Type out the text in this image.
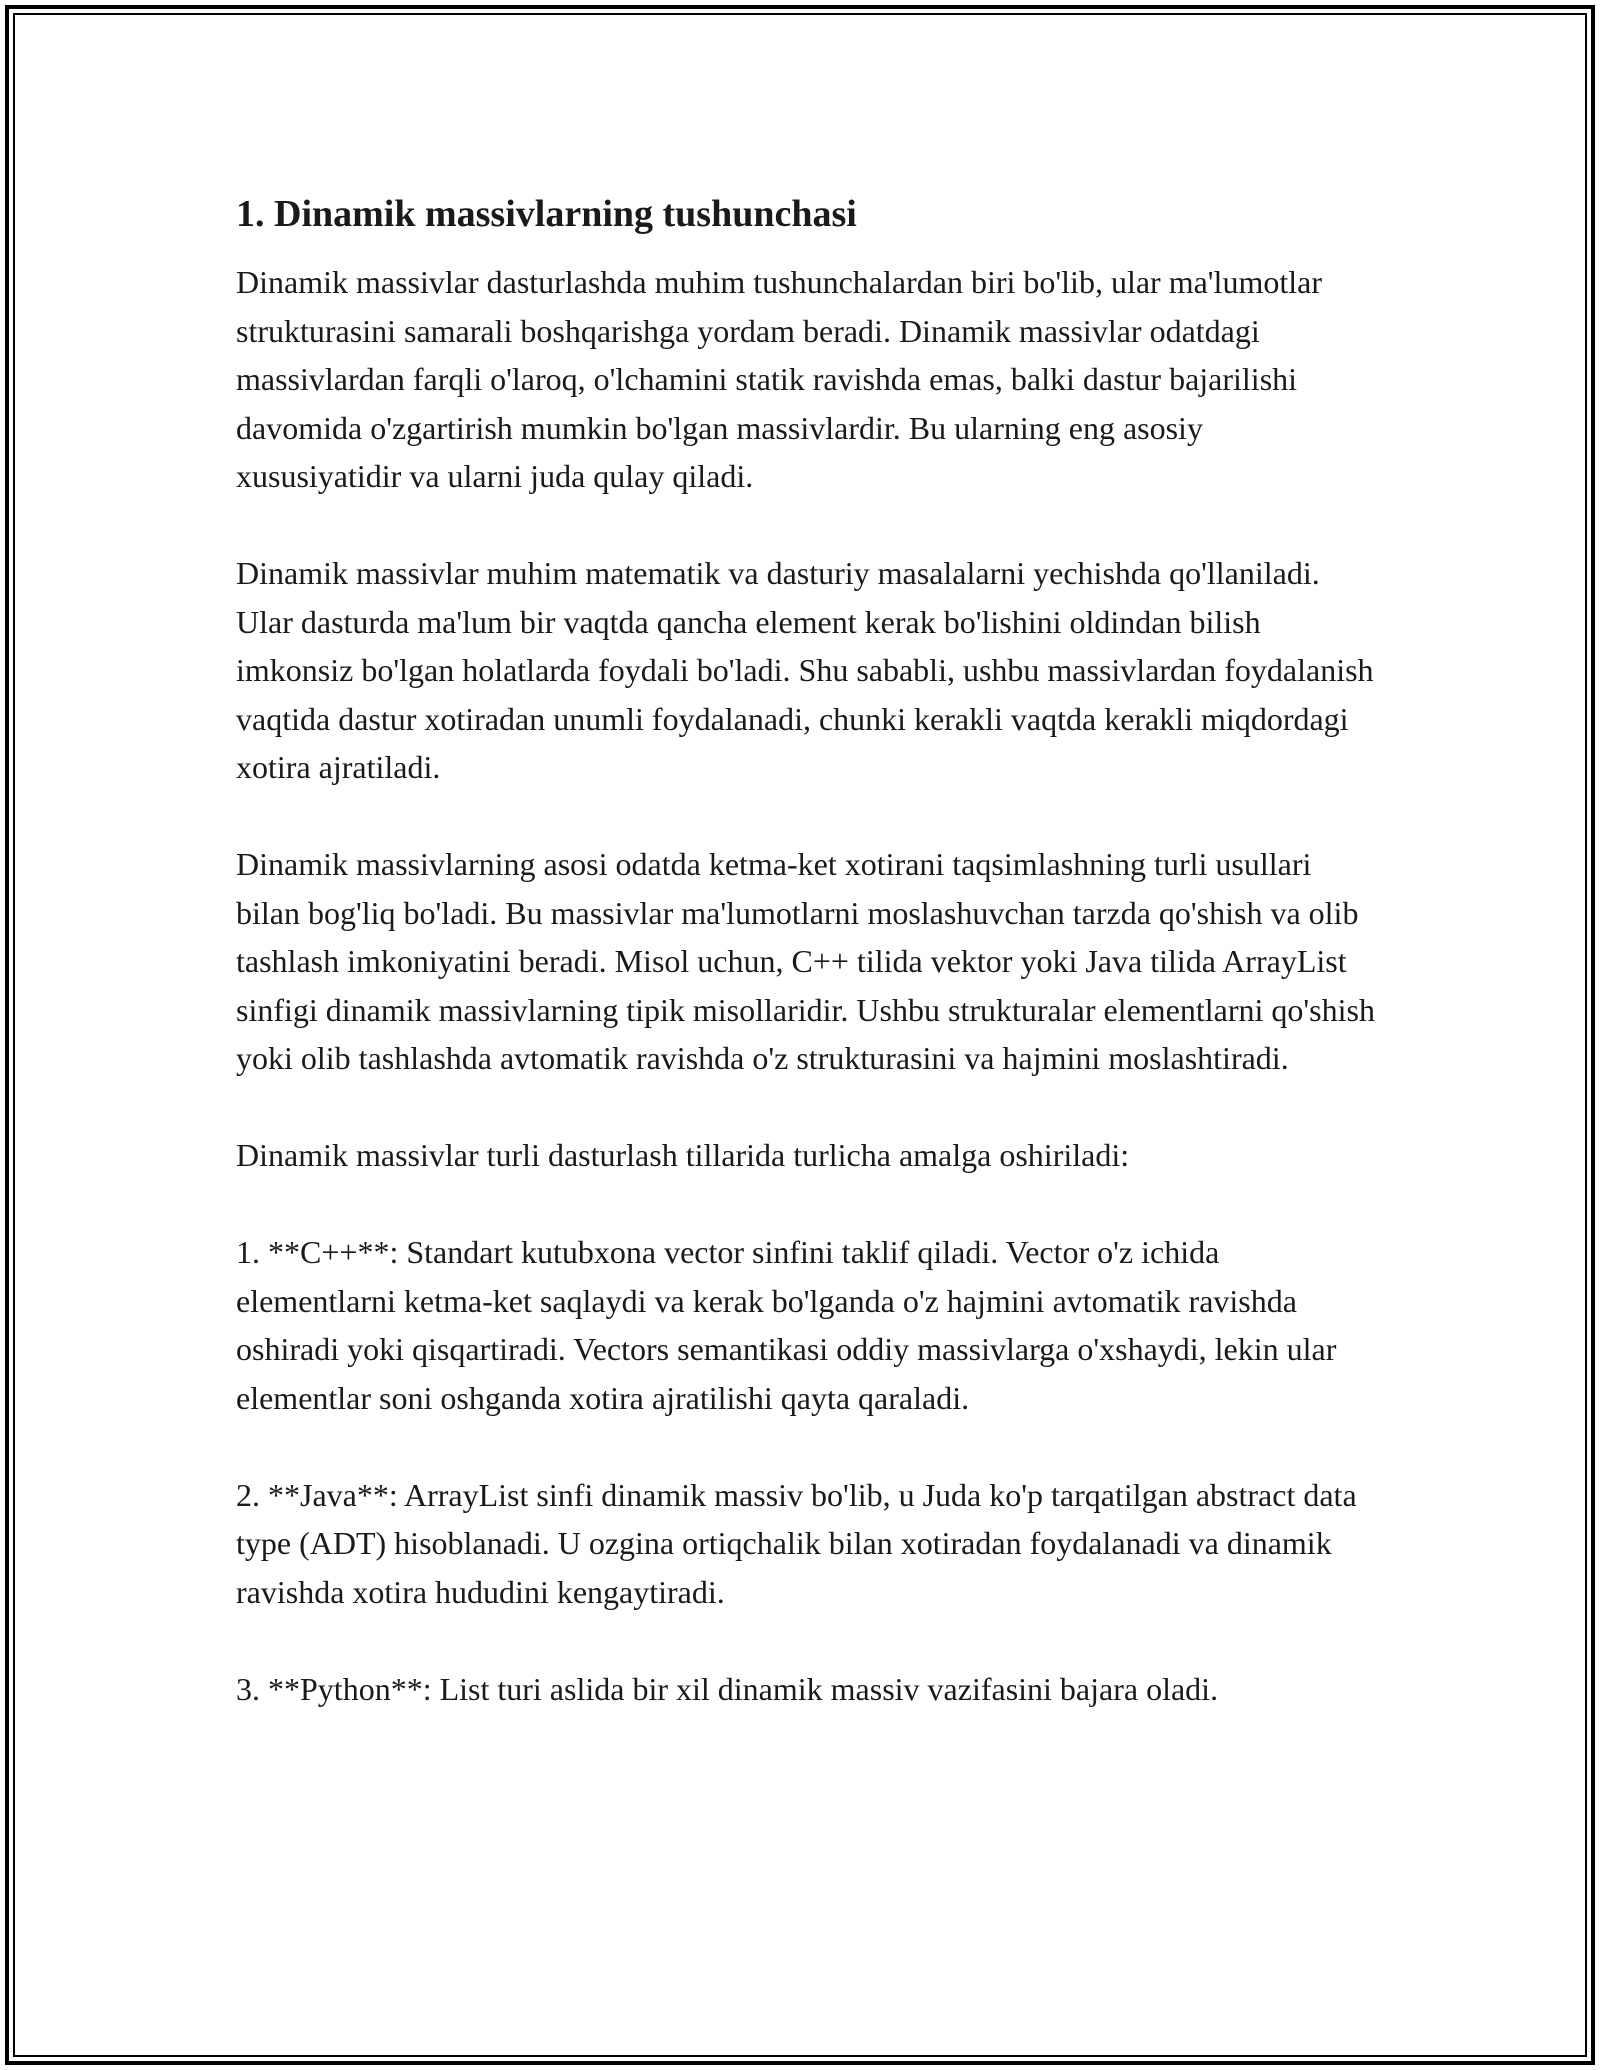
1. Dinamik massivlarning tushunchasi

Dinamik massivlar dasturlashda muhim tushunchalardan biri bo'lib, ular ma'lumotlar strukturasini samarali boshqarishga yordam beradi. Dinamik massivlar odatdagi massivlardan farqli o'laroq, o'lchamini statik ravishda emas, balki dastur bajarilishi davomida o'zgartirish mumkin bo'lgan massivlardir. Bu ularning eng asosiy xususiyatidir va ularni juda qulay qiladi.

Dinamik massivlar muhim matematik va dasturiy masalalarni yechishda qo'llaniladi. Ular dasturda ma'lum bir vaqtda qancha element kerak bo'lishini oldindan bilish imkonsiz bo'lgan holatlarda foydali bo'ladi. Shu sababli, ushbu massivlardan foydalanish vaqtida dastur xotiradan unumli foydalanadi, chunki kerakli vaqtda kerakli miqdordagi xotira ajratiladi.

Dinamik massivlarning asosi odatda ketma-ket xotirani taqsimlashning turli usullari bilan bog'liq bo'ladi. Bu massivlar ma'lumotlarni moslashuvchan tarzda qo'shish va olib tashlash imkoniyatini beradi. Misol uchun, C++ tilida vektor yoki Java tilida ArrayList sinfigi dinamik massivlarning tipik misollaridir. Ushbu strukturalar elementlarni qo'shish yoki olib tashlashda avtomatik ravishda o'z strukturasini va hajmini moslashtiradi.

Dinamik massivlar turli dasturlash tillarida turlicha amalga oshiriladi:

1. **C++**: Standart kutubxona vector sinfini taklif qiladi. Vector o'z ichida elementlarni ketma-ket saqlaydi va kerak bo'lganda o'z hajmini avtomatik ravishda oshiradi yoki qisqartiradi. Vectors semantikasi oddiy massivlarga o'xshaydi, lekin ular elementlar soni oshganda xotira ajratilishi qayta qaraladi.

2. **Java**: ArrayList sinfi dinamik massiv bo'lib, u Juda ko'p tarqatilgan abstract data type (ADT) hisoblanadi. U ozgina ortiqchalik bilan xotiradan foydalanadi va dinamik ravishda xotira hududini kengaytiradi.

3. **Python**: List turi aslida bir xil dinamik massiv vazifasini bajara oladi.
